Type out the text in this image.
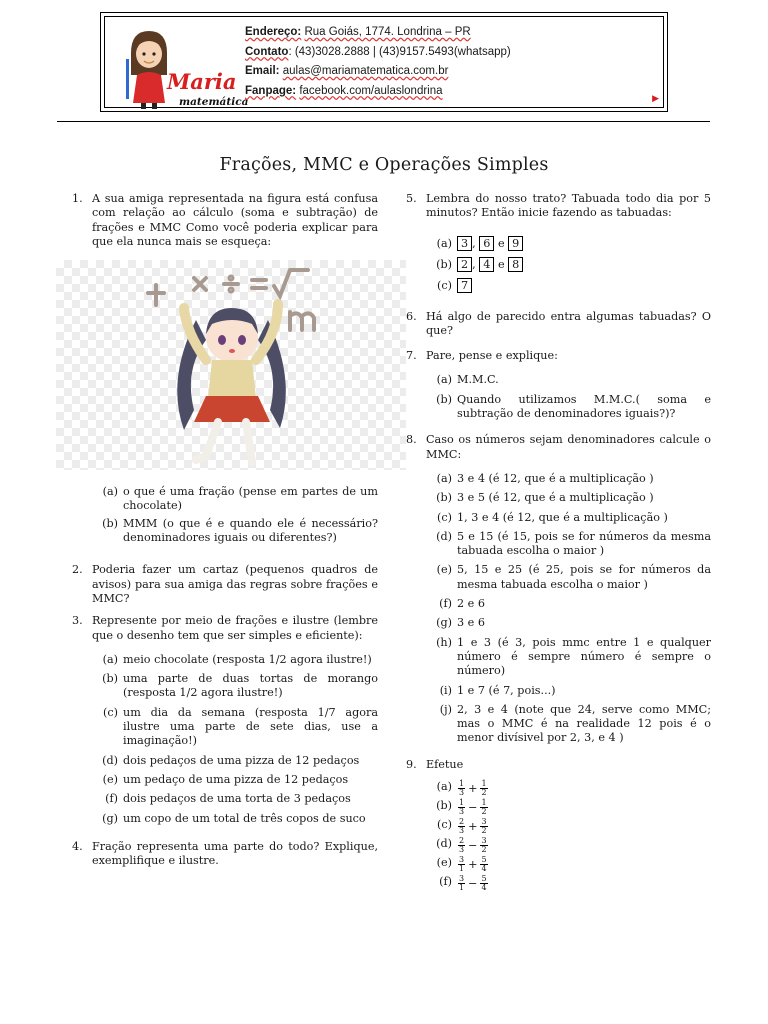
Maria
matemática
Endereço: Rua Goiás, 1774. Londrina – PR
Contato: (43)3028.2888 | (43)9157.5493(whatsapp)
Email: aulas@mariamatematica.com.br
Fanpage: facebook.com/aulaslondrina
▶
Frações, MMC e Operações Simples
1. A sua amiga representada na figura está confusa com relação ao cálculo (soma e subtração) de frações e MMC Como você poderia explicar para que ela nunca mais se esqueça:
(a) o que é uma fração (pense em partes de um chocolate)
(b) MMM (o que é e quando ele é necessário? denominadores iguais ou diferentes?)
2. Poderia fazer um cartaz (pequenos quadros de avisos) para sua amiga das regras sobre frações e MMC?
3. Represente por meio de frações e ilustre (lembre que o desenho tem que ser simples e eficiente):
(a) meio chocolate (resposta 1/2 agora ilustre!)
(b) uma parte de duas tortas de morango (resposta 1/2 agora ilustre!)
(c) um dia da semana (resposta 1/7 agora ilustre uma parte de sete dias, use a imaginação!)
(d) dois pedaços de uma pizza de 12 pedaços
(e) um pedaço de uma pizza de 12 pedaços
(f) dois pedaços de uma torta de 3 pedaços
(g) um copo de um total de três copos de suco
4. Fração representa uma parte do todo? Explique, exemplifique e ilustre.
5. Lembra do nosso trato? Tabuada todo dia por 5 minutos? Então inicie fazendo as tabuadas:
(a) 3 , 6 e 9
(b) 2 , 4 e 8
(c) 7
6. Há algo de parecido entra algumas tabuadas? O que?
7. Pare, pense e explique:
(a) M.M.C.
(b) Quando utilizamos M.M.C.( soma e subtração de denominadores iguais?)?
8. Caso os números sejam denominadores calcule o MMC:
(a) 3 e 4 (é 12, que é a multiplicação )
(b) 3 e 5 (é 12, que é a multiplicação )
(c) 1, 3 e 4 (é 12, que é a multiplicação )
(d) 5 e 15 (é 15, pois se for números da mesma tabuada escolha o maior )
(e) 5, 15 e 25 (é 25, pois se for números da mesma tabuada escolha o maior )
(f) 2 e 6
(g) 3 e 6
(h) 1 e 3 (é 3, pois mmc entre 1 e qualquer número é sempre número é sempre o número)
(i) 1 e 7 (é 7, pois...)
(j) 2, 3 e 4 (note que 24, serve como MMC; mas o MMC é na realidade 12 pois é o menor divísivel por 2, 3, e 4 )
9. Efetue
$(a) \frac{1}{3} + \frac{1}{2}$
$(b) \frac{1}{3} - \frac{1}{2}$
$(c) \frac{2}{3} + \frac{3}{2}$
$(d) \frac{2}{3} - \frac{3}{2}$
$(e) \frac{3}{1} + \frac{5}{4}$
$(f) \frac{3}{1} - \frac{5}{4}$
